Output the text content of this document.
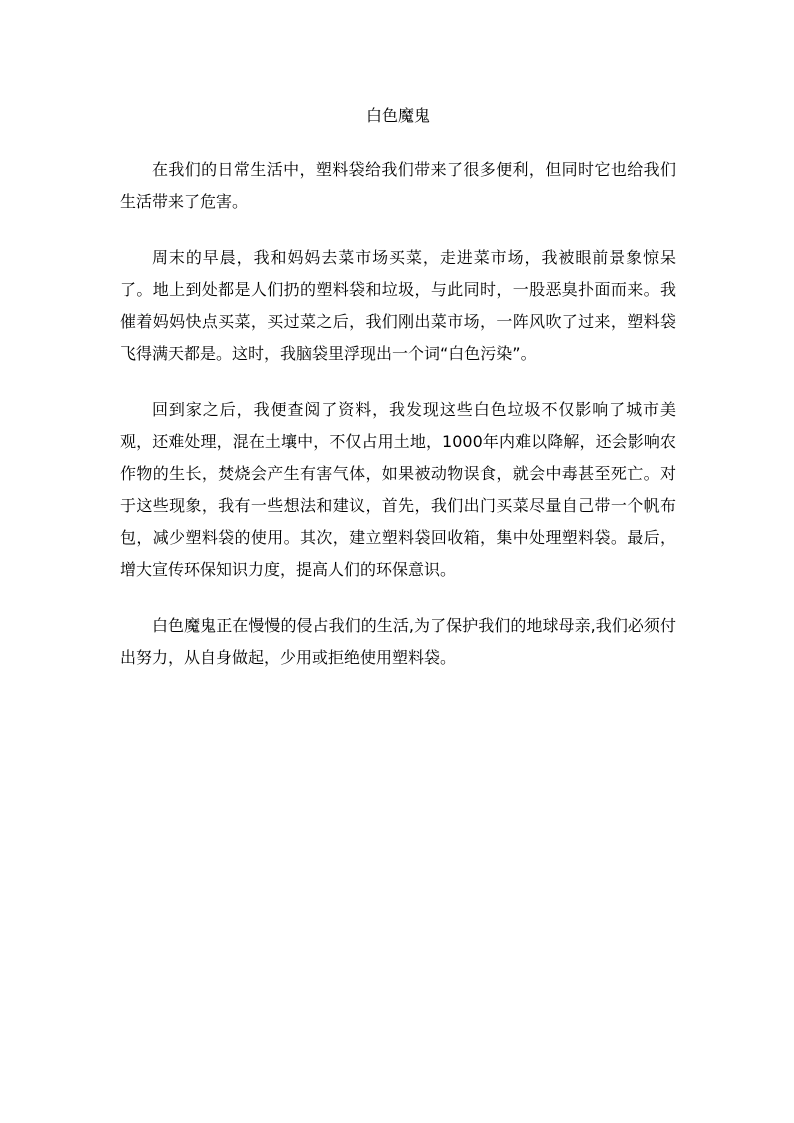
白色魔鬼

在我们的日常生活中，塑料袋给我们带来了很多便利，但同时它也给我们生活带来了危害。

周末的早晨，我和妈妈去菜市场买菜，走进菜市场，我被眼前景象惊呆了。地上到处都是人们扔的塑料袋和垃圾，与此同时，一股恶臭扑面而来。我催着妈妈快点买菜，买过菜之后，我们刚出菜市场，一阵风吹了过来，塑料袋飞得满天都是。这时，我脑袋里浮现出一个词“白色污染”。

回到家之后，我便查阅了资料，我发现这些白色垃圾不仅影响了城市美观，还难处理，混在土壤中，不仅占用土地，1000年内难以降解，还会影响农作物的生长，焚烧会产生有害气体，如果被动物误食，就会中毒甚至死亡。对于这些现象，我有一些想法和建议，首先，我们出门买菜尽量自己带一个帆布包，减少塑料袋的使用。其次，建立塑料袋回收箱，集中处理塑料袋。最后，增大宣传环保知识力度，提高人们的环保意识。

白色魔鬼正在慢慢的侵占我们的生活,为了保护我们的地球母亲,我们必须付出努力，从自身做起，少用或拒绝使用塑料袋。
